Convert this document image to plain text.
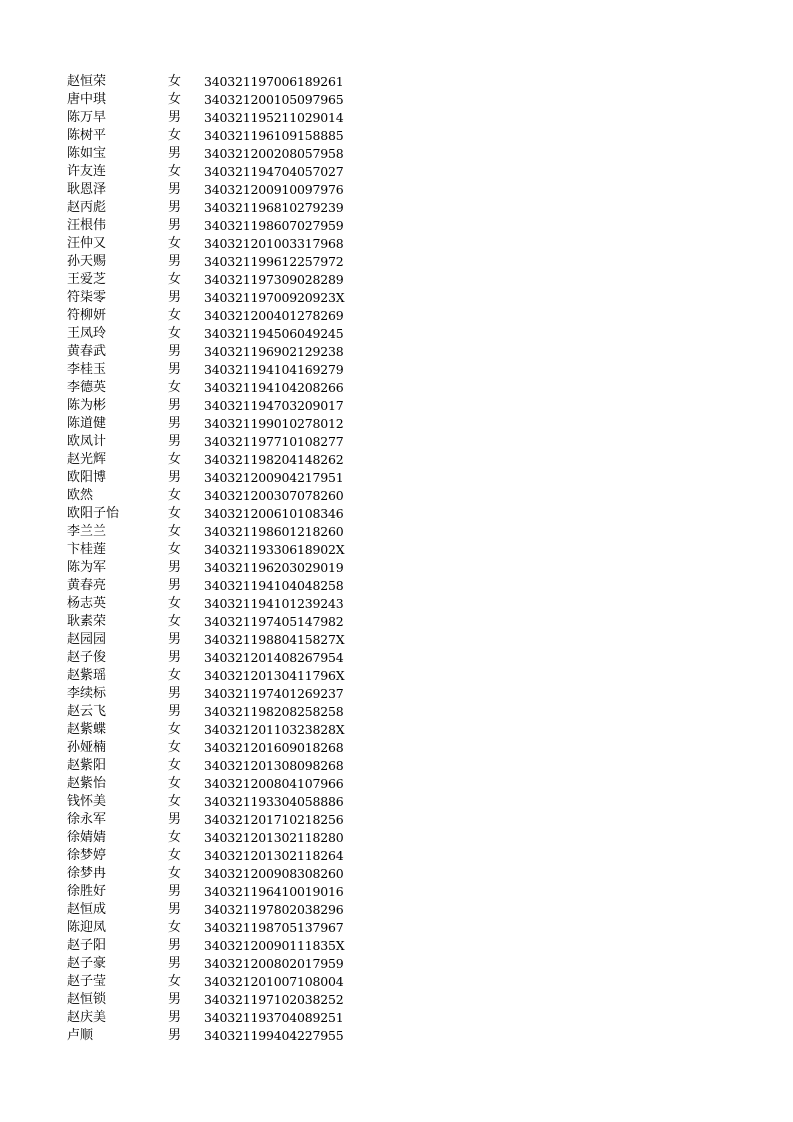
赵恒荣	女	340321197006189261
唐中琪	女	340321200105097965
陈万早	男	340321195211029014
陈树平	女	340321196109158885
陈如宝	男	340321200208057958
许友连	女	340321194704057027
耿恩泽	男	340321200910097976
赵丙彪	男	340321196810279239
汪根伟	男	340321198607027959
汪仲又	女	340321201003317968
孙天赐	男	340321199612257972
王爱芝	女	340321197309028289
符柒零	男	34032119700920923X
符柳妍	女	340321200401278269
王凤玲	女	340321194506049245
黄春武	男	340321196902129238
李桂玉	男	340321194104169279
李德英	女	340321194104208266
陈为彬	男	340321194703209017
陈道健	男	340321199010278012
欧凤计	男	340321197710108277
赵光辉	女	340321198204148262
欧阳博	男	340321200904217951
欧然	女	340321200307078260
欧阳子怡	女	340321200610108346
李兰兰	女	340321198601218260
卞桂莲	女	34032119330618902X
陈为军	男	340321196203029019
黄春亮	男	340321194104048258
杨志英	女	340321194101239243
耿素荣	女	340321197405147982
赵园园	男	34032119880415827X
赵子俊	男	340321201408267954
赵紫瑶	女	34032120130411796X
李续标	男	340321197401269237
赵云飞	男	340321198208258258
赵紫蝶	女	34032120110323828X
孙娅楠	女	340321201609018268
赵紫阳	女	340321201308098268
赵紫怡	女	340321200804107966
钱怀美	女	340321193304058886
徐永军	男	340321201710218256
徐婧婧	女	340321201302118280
徐梦婷	女	340321201302118264
徐梦冉	女	340321200908308260
徐胜好	男	340321196410019016
赵恒成	男	340321197802038296
陈迎凤	女	340321198705137967
赵子阳	男	34032120090111835X
赵子豪	男	340321200802017959
赵子莹	女	340321201007108004
赵恒锁	男	340321197102038252
赵庆美	男	340321193704089251
卢顺	男	340321199404227955
